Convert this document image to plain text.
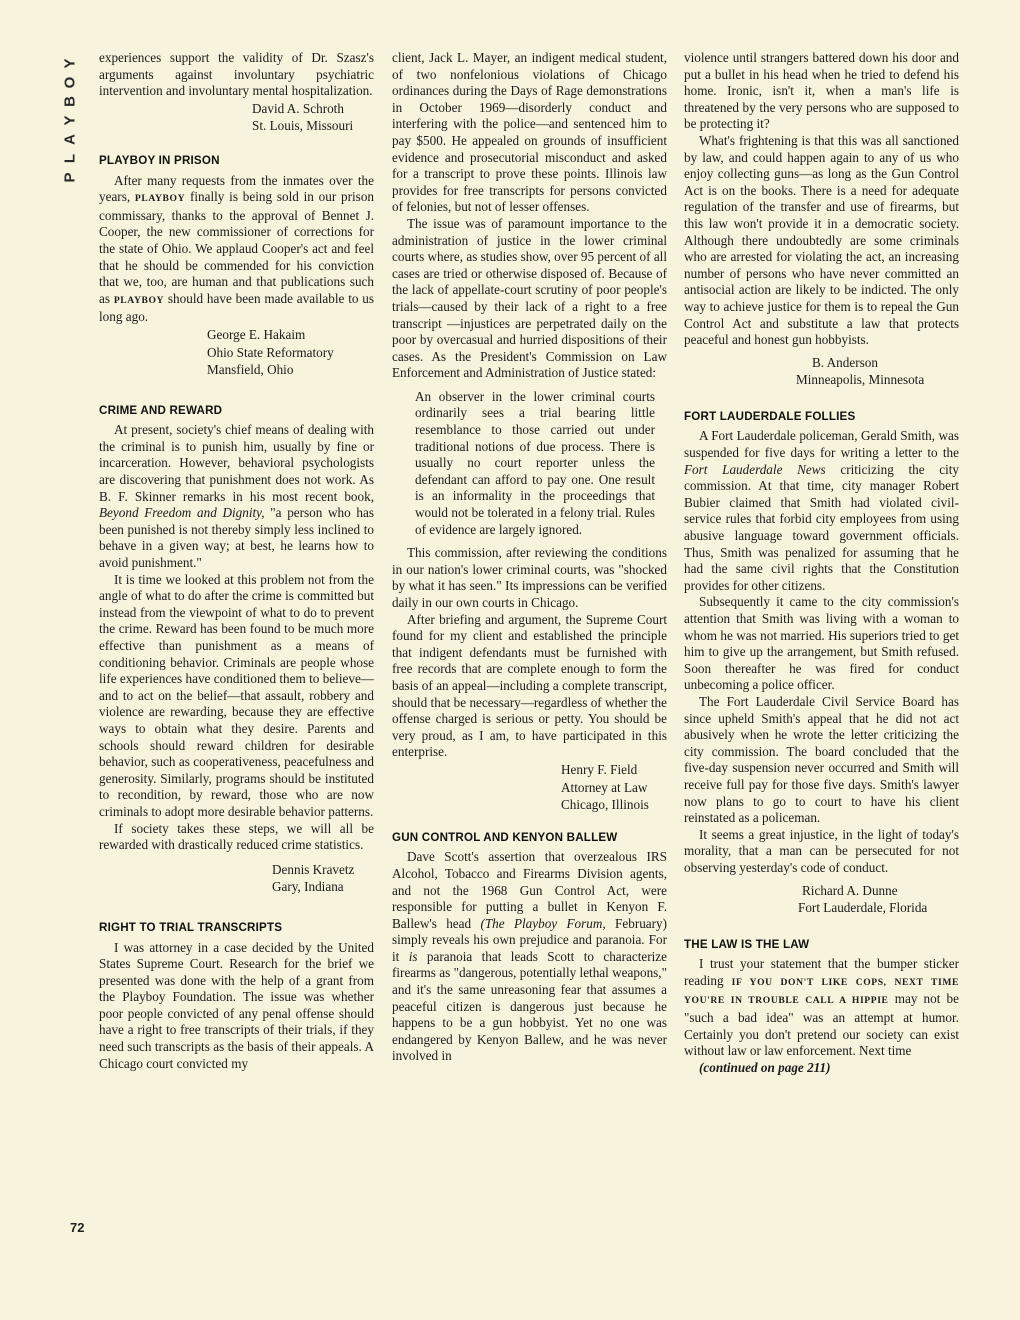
Y
O
B
Y
A
L
P
72

experiences support the validity of Dr. Szasz's arguments against involuntary psychiatric intervention and involuntary mental hospitalization.

David A. Schroth
St. Louis, Missouri
PLAYBOY IN PRISON

After many requests from the inmates over the years, PLAYBOY finally is being sold in our prison commissary, thanks to the approval of Bennet J. Cooper, the new commissioner of corrections for the state of Ohio. We applaud Cooper's act and feel that he should be commended for his conviction that we, too, are human and that publications such as PLAYBOY should have been made available to us long ago.

George E. Hakaim
Ohio State Reformatory
Mansfield, Ohio
CRIME AND REWARD

At present, society's chief means of dealing with the criminal is to punish him, usually by fine or incarceration. However, behavioral psychologists are discovering that punishment does not work. As B. F. Skinner remarks in his most recent book, Beyond Freedom and Dignity, "a person who has been punished is not thereby simply less inclined to behave in a given way; at best, he learns how to avoid punishment."

It is time we looked at this problem not from the angle of what to do after the crime is committed but instead from the viewpoint of what to do to prevent the crime. Reward has been found to be much more effective than punishment as a means of conditioning behavior. Criminals are people whose life experiences have conditioned them to believe—and to act on the belief—that assault, robbery and violence are rewarding, because they are effective ways to obtain what they desire. Parents and schools should reward children for desirable behavior, such as cooperativeness, peacefulness and generosity. Similarly, programs should be instituted to recondition, by reward, those who are now criminals to adopt more desirable behavior patterns.

If society takes these steps, we will all be rewarded with drastically reduced crime statistics.

Dennis Kravetz
Gary, Indiana
RIGHT TO TRIAL TRANSCRIPTS

I was attorney in a case decided by the United States Supreme Court. Research for the brief we presented was done with the help of a grant from the Playboy Foundation. The issue was whether poor people convicted of any penal offense should have a right to free transcripts of their trials, if they need such transcripts as the basis of their appeals. A Chicago court convicted my

client, Jack L. Mayer, an indigent medical student, of two nonfelonious violations of Chicago ordinances during the Days of Rage demonstrations in October 1969—disorderly conduct and interfering with the police—and sentenced him to pay $500. He appealed on grounds of insufficient evidence and prosecutorial misconduct and asked for a transcript to prove these points. Illinois law provides for free transcripts for persons convicted of felonies, but not of lesser offenses.

The issue was of paramount importance to the administration of justice in the lower criminal courts where, as studies show, over 95 percent of all cases are tried or otherwise disposed of. Because of the lack of appellate-court scrutiny of poor people's trials—caused by their lack of a right to a free transcript —injustices are perpetrated daily on the poor by overcasual and hurried dispositions of their cases. As the President's Commission on Law Enforcement and Administration of Justice stated:

An observer in the lower criminal courts ordinarily sees a trial bearing little resemblance to those carried out under traditional notions of due process. There is usually no court reporter unless the defendant can afford to pay one. One result is an informality in the proceedings that would not be tolerated in a felony trial. Rules of evidence are largely ignored.

This commission, after reviewing the conditions in our nation's lower criminal courts, was "shocked by what it has seen." Its impressions can be verified daily in our own courts in Chicago.

After briefing and argument, the Supreme Court found for my client and established the principle that indigent defendants must be furnished with free records that are complete enough to form the basis of an appeal—including a complete transcript, should that be necessary—regardless of whether the offense charged is serious or petty. You should be very proud, as I am, to have participated in this enterprise.

Henry F. Field
Attorney at Law
Chicago, Illinois
GUN CONTROL AND KENYON BALLEW

Dave Scott's assertion that overzealous IRS Alcohol, Tobacco and Firearms Division agents, and not the 1968 Gun Control Act, were responsible for putting a bullet in Kenyon F. Ballew's head (The Playboy Forum, February) simply reveals his own prejudice and paranoia. For it is paranoia that leads Scott to characterize firearms as "dangerous, potentially lethal weapons," and it's the same unreasoning fear that assumes a peaceful citizen is dangerous just because he happens to be a gun hobbyist. Yet no one was endangered by Kenyon Ballew, and he was never involved in

violence until strangers battered down his door and put a bullet in his head when he tried to defend his home. Ironic, isn't it, when a man's life is threatened by the very persons who are supposed to be protecting it?

What's frightening is that this was all sanctioned by law, and could happen again to any of us who enjoy collecting guns—as long as the Gun Control Act is on the books. There is a need for adequate regulation of the transfer and use of firearms, but this law won't provide it in a democratic society. Although there undoubtedly are some criminals who are arrested for violating the act, an increasing number of persons who have never committed an antisocial action are likely to be indicted. The only way to achieve justice for them is to repeal the Gun Control Act and substitute a law that protects peaceful and honest gun hobbyists.

B. Anderson
Minneapolis, Minnesota
FORT LAUDERDALE FOLLIES

A Fort Lauderdale policeman, Gerald Smith, was suspended for five days for writing a letter to the Fort Lauderdale News criticizing the city commission. At that time, city manager Robert Bubier claimed that Smith had violated civil-service rules that forbid city employees from using abusive language toward government officials. Thus, Smith was penalized for assuming that he had the same civil rights that the Constitution provides for other citizens.

Subsequently it came to the city commission's attention that Smith was living with a woman to whom he was not married. His superiors tried to get him to give up the arrangement, but Smith refused. Soon thereafter he was fired for conduct unbecoming a police officer.

The Fort Lauderdale Civil Service Board has since upheld Smith's appeal that he did not act abusively when he wrote the letter criticizing the city commission. The board concluded that the five-day suspension never occurred and Smith will receive full pay for those five days. Smith's lawyer now plans to go to court to have his client reinstated as a policeman.

It seems a great injustice, in the light of today's morality, that a man can be persecuted for not observing yesterday's code of conduct.

Richard A. Dunne
Fort Lauderdale, Florida
THE LAW IS THE LAW

I trust your statement that the bumper sticker reading IF YOU DON'T LIKE COPS, NEXT TIME YOU'RE IN TROUBLE CALL A HIPPIE may not be "such a bad idea" was an attempt at humor. Certainly you don't pretend our society can exist without law or law enforcement. Next time

(continued on page 211)
